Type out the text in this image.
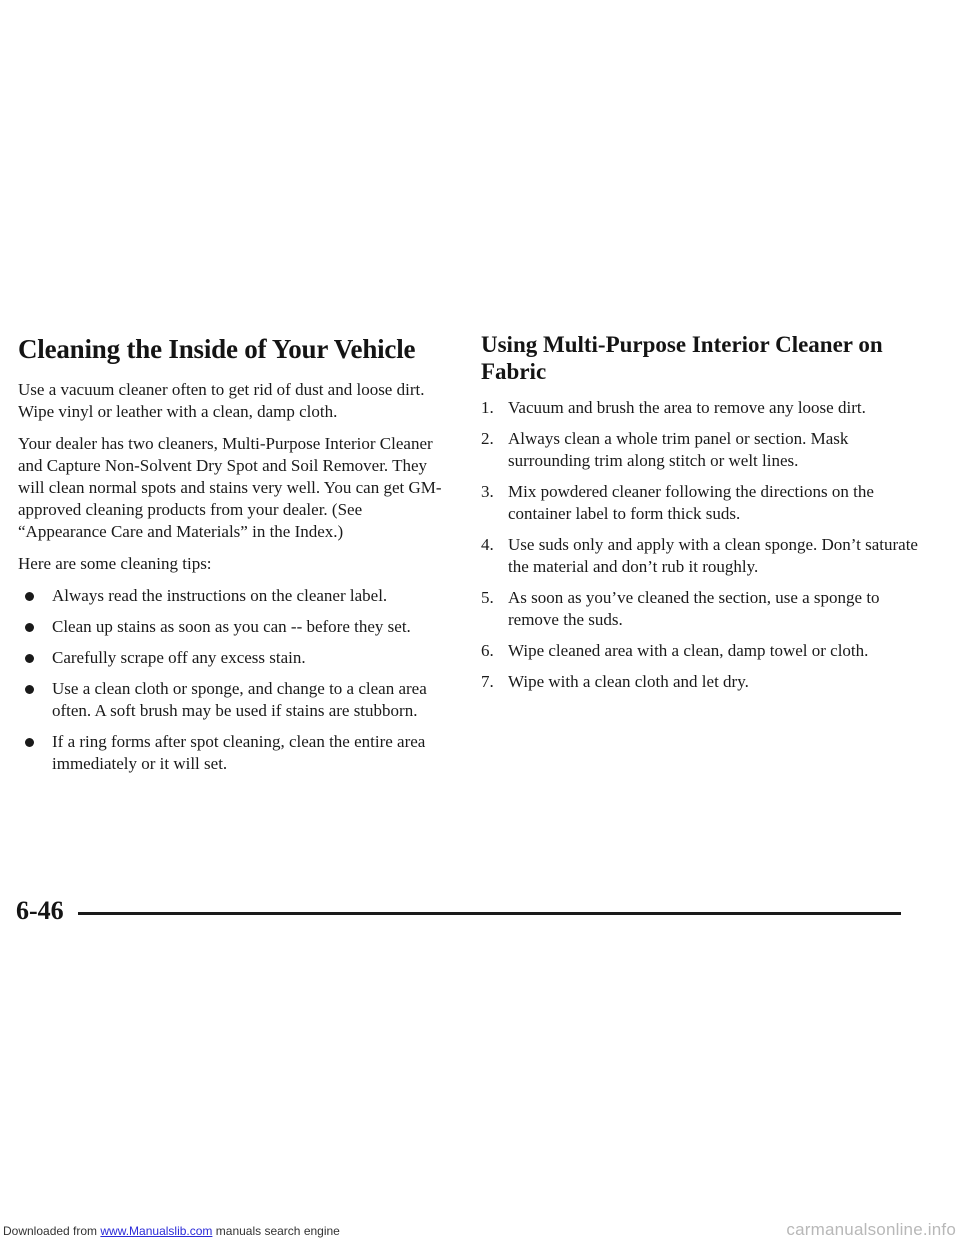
Cleaning the Inside of Your Vehicle

Use a vacuum cleaner often to get rid of dust and loose dirt. Wipe vinyl or leather with a clean, damp cloth.

Your dealer has two cleaners, Multi-Purpose Interior Cleaner and Capture Non-Solvent Dry Spot and Soil Remover. They will clean normal spots and stains very well. You can get GM-approved cleaning products from your dealer. (See “Appearance Care and Materials” in the Index.)

Here are some cleaning tips:

Always read the instructions on the cleaner label.
Clean up stains as soon as you can -- before they set.
Carefully scrape off any excess stain.
Use a clean cloth or sponge, and change to a clean area often. A soft brush may be used if stains are stubborn.
If a ring forms after spot cleaning, clean the entire area immediately or it will set.
Using Multi-Purpose Interior Cleaner on Fabric
1. Vacuum and brush the area to remove any loose dirt.
2. Always clean a whole trim panel or section. Mask surrounding trim along stitch or welt lines.
3. Mix powdered cleaner following the directions on the container label to form thick suds.
4. Use suds only and apply with a clean sponge. Don’t saturate the material and don’t rub it roughly.
5. As soon as you’ve cleaned the section, use a sponge to remove the suds.
6. Wipe cleaned area with a clean, damp towel or cloth.
7. Wipe with a clean cloth and let dry.
6-46
Downloaded from www.Manualslib.com manuals search engine	carmanualsonline.info
